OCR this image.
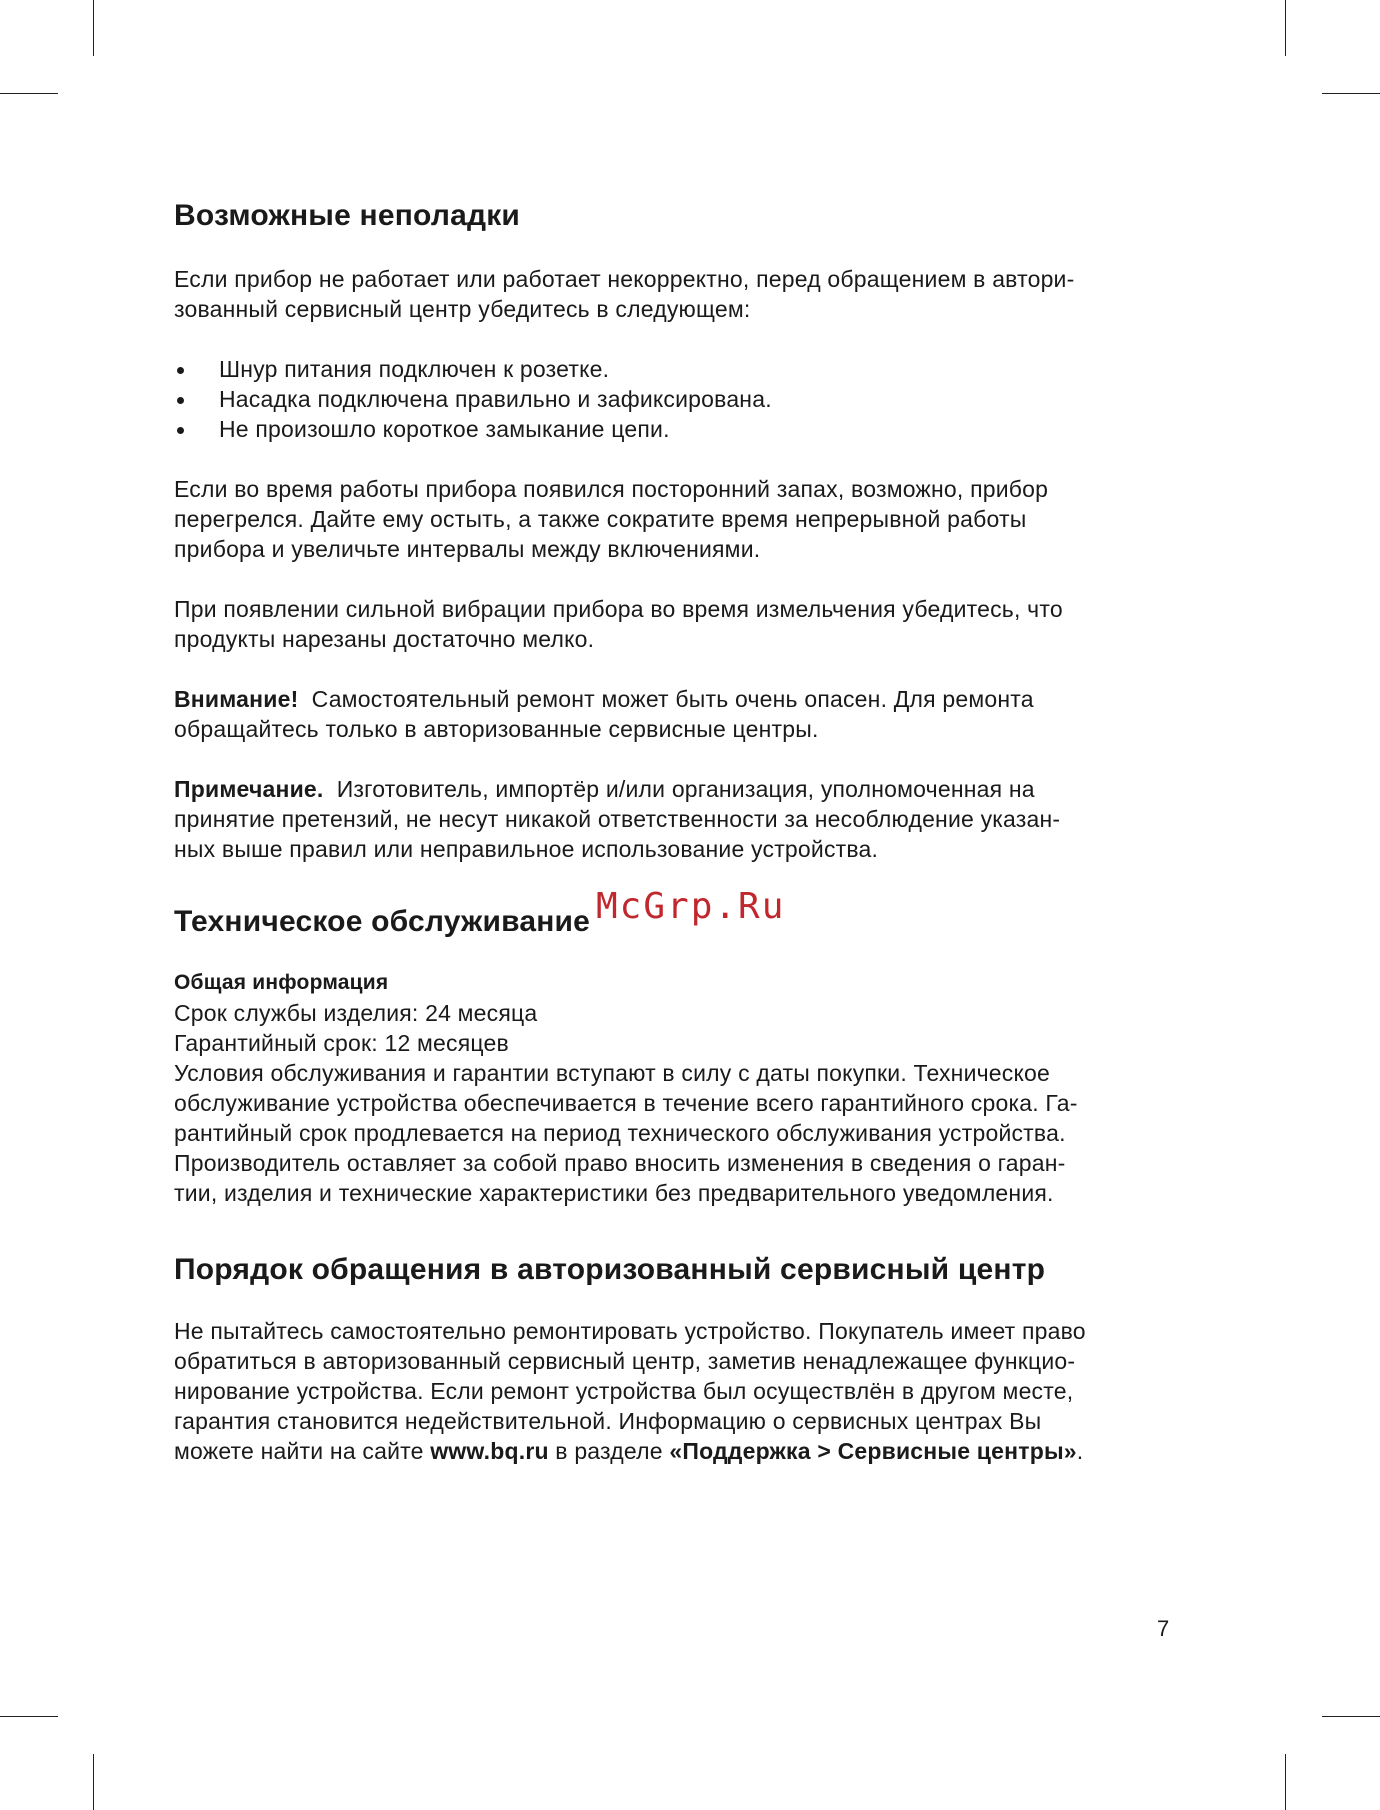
Возможные неполадки

Если прибор не работает или работает некорректно, перед обращением в автори-

зованный сервисный центр убедитесь в следующем:

Шнур питания подключен к розетке.
Насадка подключена правильно и зафиксирована.
Не произошло короткое замыкание цепи.

Если во время работы прибора появился посторонний запах, возможно, прибор

перегрелся. Дайте ему остыть, а также сократите время непрерывной работы

прибора и увеличьте интервалы между включениями.

При появлении сильной вибрации прибора во время измельчения убедитесь, что

продукты нарезаны достаточно мелко.

Внимание! Самостоятельный ремонт может быть очень опасен. Для ремонта

обращайтесь только в авторизованные сервисные центры.

Примечание. Изготовитель, импортёр и/или организация, уполномоченная на

принятие претензий, не несут никакой ответственности за несоблюдение указан-

ных выше правил или неправильное использование устройства.

Техническое обслуживание

Общая информация

Срок службы изделия: 24 месяца

Гарантийный срок: 12 месяцев

Условия обслуживания и гарантии вступают в силу с даты покупки. Техническое

обслуживание устройства обеспечивается в течение всего гарантийного срока. Га-

рантийный срок продлевается на период технического обслуживания устройства.

Производитель оставляет за собой право вносить изменения в сведения о гаран-

тии, изделия и технические характеристики без предварительного уведомления.

Порядок обращения в авторизованный сервисный центр

Не пытайтесь самостоятельно ремонтировать устройство. Покупатель имеет право

обратиться в авторизованный сервисный центр, заметив ненадлежащее функцио-

нирование устройства. Если ремонт устройства был осуществлён в другом месте,

гарантия становится недействительной. Информацию о сервисных центрах Вы

можете найти на сайте www.bq.ru в разделе «Поддержка > Сервисные центры».

McGrp.Ru
7
